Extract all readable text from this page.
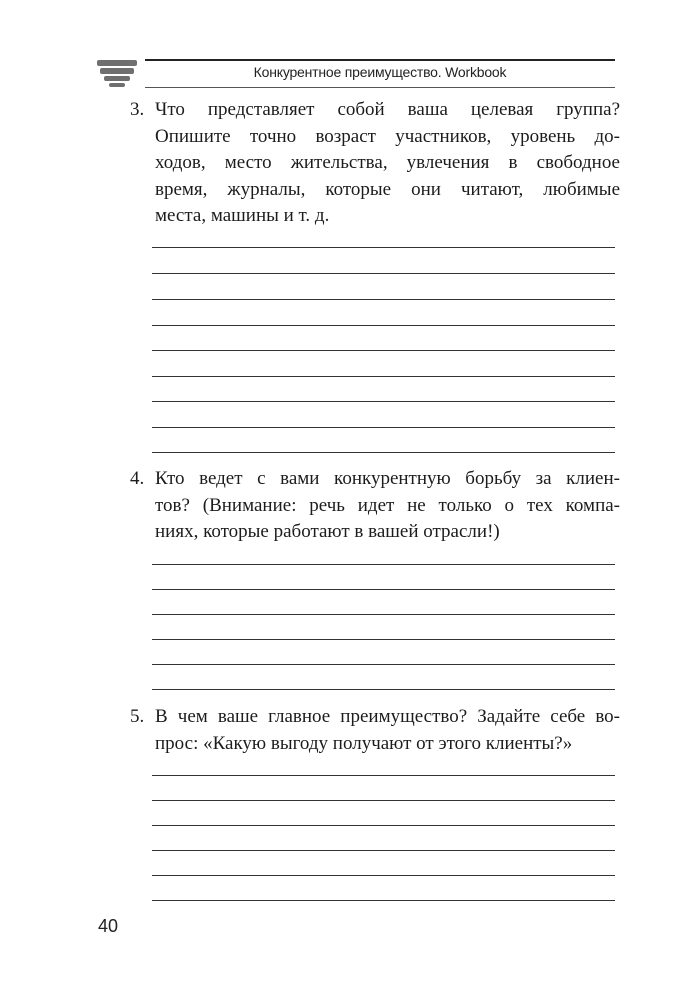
Конкурентное преимущество. Workbook
3. Что представляет собой ваша целевая группа?
Опишите точно возраст участников, уровень до-
ходов, место жительства, увлечения в свободное
время, журналы, которые они читают, любимые
места, машины и т. д.
4. Кто ведет с вами конкурентную борьбу за клиен-
тов? (Внимание: речь идет не только о тех компа-
ниях, которые работают в вашей отрасли!)
5. В чем ваше главное преимущество? Задайте себе во-
прос: «Какую выгоду получают от этого клиенты?»
40
